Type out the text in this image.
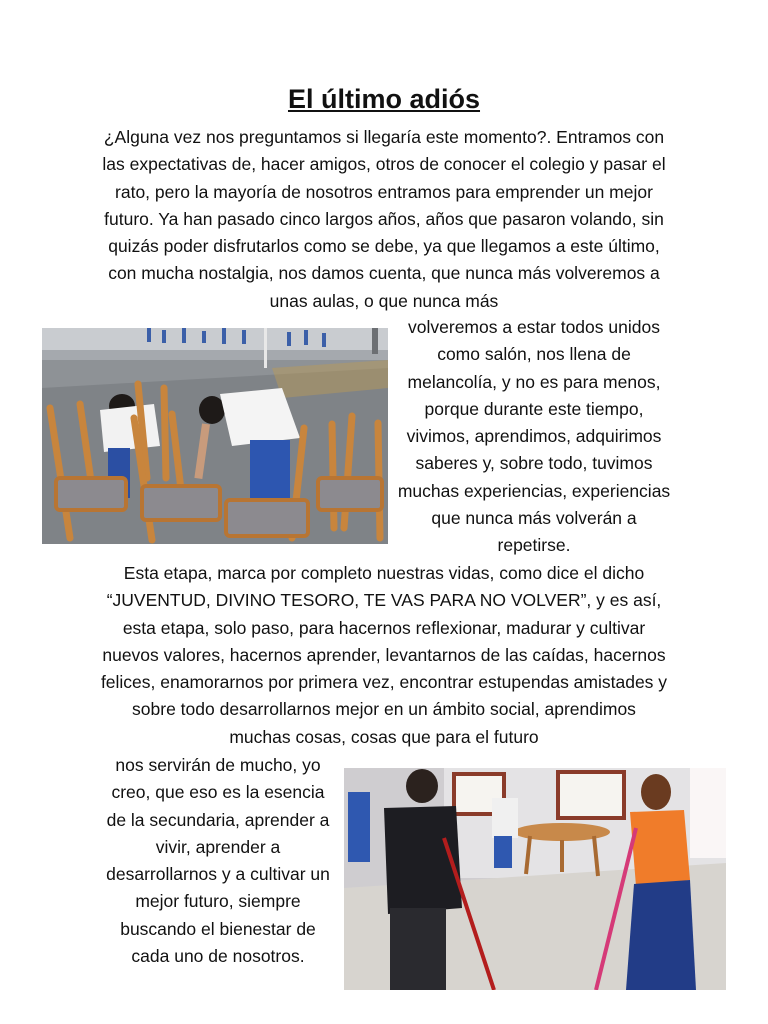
El último adiós

¿Alguna vez nos preguntamos si llegaría este momento?. Entramos con las expectativas de, hacer amigos, otros de conocer el colegio y pasar el rato, pero la mayoría de nosotros entramos para emprender un mejor futuro. Ya han pasado cinco largos años, años que pasaron volando, sin quizás poder disfrutarlos como se debe, ya que llegamos a este último, con mucha nostalgia, nos damos cuenta, que nunca más volveremos a unas aulas, o que nunca más

volveremos a estar todos unidos como salón, nos llena de melancolía, y no es para menos, porque durante este tiempo, vivimos, aprendimos, adquirimos saberes y, sobre todo, tuvimos muchas experiencias, experiencias que nunca más volverán a repetirse.

Esta etapa, marca por completo nuestras vidas, como dice el dicho “JUVENTUD, DIVINO TESORO, TE VAS PARA NO VOLVER”, y es así, esta etapa, solo paso, para hacernos reflexionar, madurar y cultivar nuevos valores, hacernos aprender, levantarnos de las caídas, hacernos felices, enamorarnos por primera vez, encontrar estupendas amistades y sobre todo desarrollarnos mejor en un ámbito social, aprendimos muchas cosas, cosas que para el futuro

nos servirán de mucho, yo creo, que eso es la esencia de la secundaria, aprender a vivir, aprender a desarrollarnos y a cultivar un mejor futuro, siempre buscando el bienestar de cada uno de nosotros.
